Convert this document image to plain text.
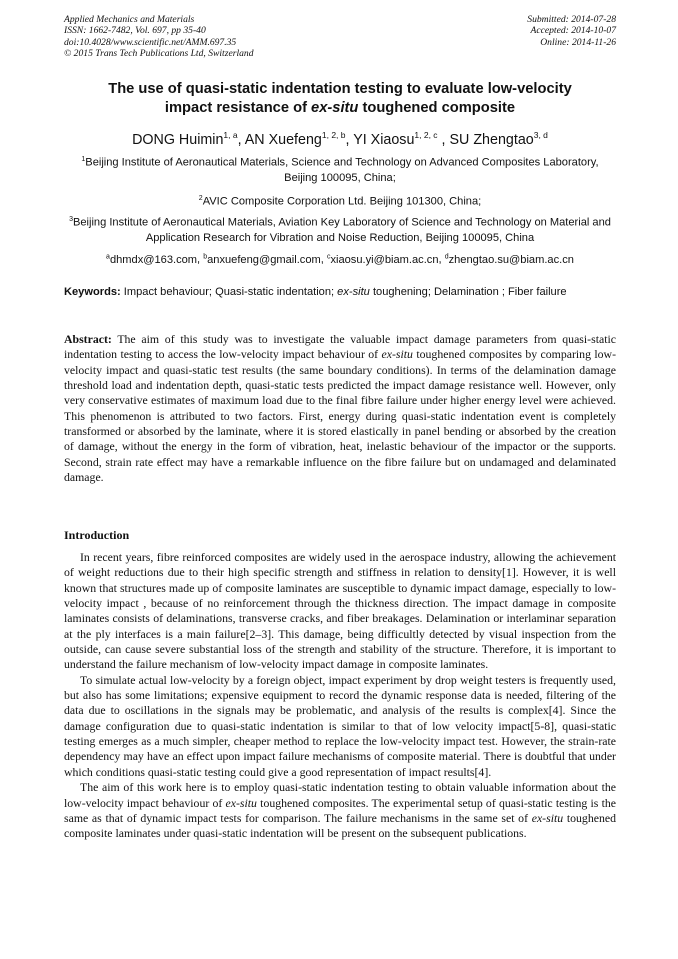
Applied Mechanics and Materials
ISSN: 1662-7482, Vol. 697, pp 35-40
doi:10.4028/www.scientific.net/AMM.697.35
© 2015 Trans Tech Publications Ltd, Switzerland
Submitted: 2014-07-28
Accepted: 2014-10-07
Online: 2014-11-26
The use of quasi-static indentation testing to evaluate low-velocity
impact resistance of ex-situ toughened composite
DONG Huimin$^{1, a}$, AN Xuefeng$^{1, 2, b}$, YI Xiaosu$^{1, 2, c}$ , SU Zhengtao$^{3, d}$
$^1$Beijing Institute of Aeronautical Materials, Science and Technology on Advanced Composites Laboratory, Beijing 100095, China;
$^2$AVIC Composite Corporation Ltd. Beijing 101300, China;
$^3$Beijing Institute of Aeronautical Materials, Aviation Key Laboratory of Science and Technology on Material and Application Research for Vibration and Noise Reduction, Beijing 100095, China
$^a$dhmdx@163.com, $^b$anxuefeng@gmail.com, $^c$xiaosu.yi@biam.ac.cn, $^d$zhengtao.su@biam.ac.cn
Keywords: Impact behaviour; Quasi-static indentation; ex-situ toughening; Delamination ; Fiber failure
Abstract: The aim of this study was to investigate the valuable impact damage parameters from quasi-static indentation testing to access the low-velocity impact behaviour of ex-situ toughened composites by comparing low-velocity impact and quasi-static test results (the same boundary conditions). In terms of the delamination damage threshold load and indentation depth, quasi-static tests predicted the impact damage resistance well. However, only very conservative estimates of maximum load due to the final fibre failure under higher energy level were achieved. This phenomenon is attributed to two factors. First, energy during quasi-static indentation event is completely transformed or absorbed by the laminate, where it is stored elastically in panel bending or absorbed by the creation of damage, without the energy in the form of vibration, heat, inelastic behaviour of the impactor or the supports. Second, strain rate effect may have a remarkable influence on the fibre failure but on undamaged and delaminated damage.
Introduction

In recent years, fibre reinforced composites are widely used in the aerospace industry, allowing the achievement of weight reductions due to their high specific strength and stiffness in relation to density[1]. However, it is well known that structures made up of composite laminates are susceptible to dynamic impact damage, especially to low-velocity impact , because of no reinforcement through the thickness direction. The impact damage in composite laminates consists of delaminations, transverse cracks, and fiber breakages. Delamination or interlaminar separation at the ply interfaces is a main failure[2–3]. This damage, being difficultly detected by visual inspection from the outside, can cause severe substantial loss of the strength and stability of the structure. Therefore, it is important to understand the failure mechanism of low-velocity impact damage in composite laminates.

To simulate actual low-velocity by a foreign object, impact experiment by drop weight testers is frequently used, but also has some limitations; expensive equipment to record the dynamic response data is needed, filtering of the data due to oscillations in the signals may be problematic, and analysis of the results is complex[4]. Since the damage configuration due to quasi-static indentation is similar to that of low velocity impact[5-8], quasi-static testing emerges as a much simpler, cheaper method to replace the low-velocity impact test. However, the strain-rate dependency may have an effect upon impact failure mechanisms of composite material. There is doubtful that under which conditions quasi-static testing could give a good representation of impact results[4].

The aim of this work here is to employ quasi-static indentation testing to obtain valuable information about the low-velocity impact behaviour of ex-situ toughened composites. The experimental setup of quasi-static testing is the same as that of dynamic impact tests for comparison. The failure mechanisms in the same set of ex-situ toughened composite laminates under quasi-static indentation will be present on the subsequent publications.
